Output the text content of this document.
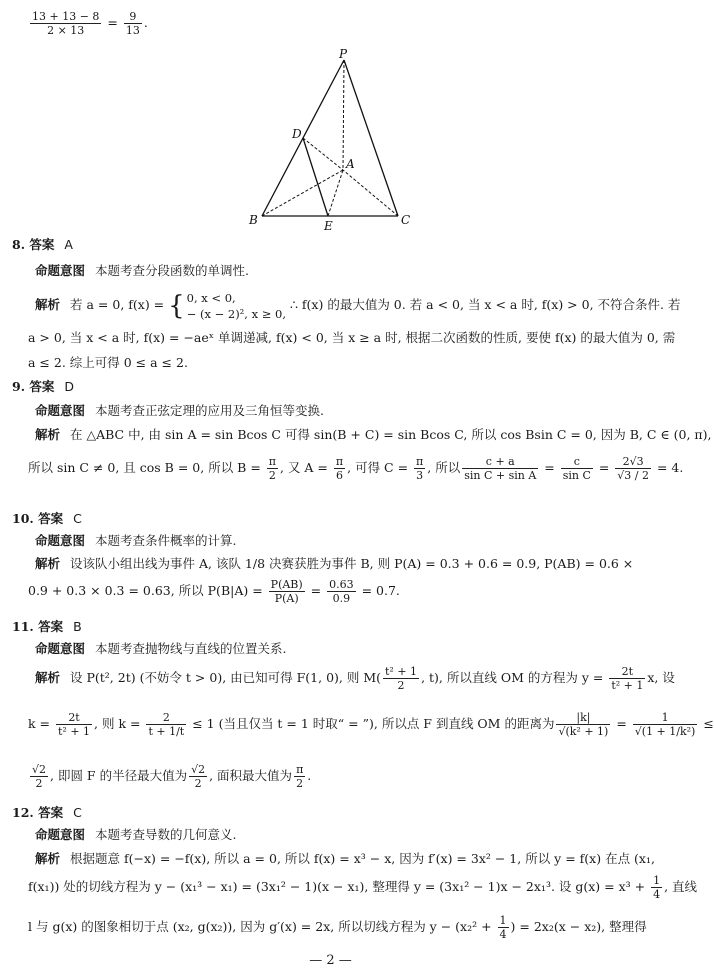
$\frac{13 + 13 - 8}{2 \times 13} = \frac{9}{13}$ .
P
D
A
B	E	C
8. 答案 A
命题意图 本题考查分段函数的单调性.
解析 若 a = 0, f(x) = { 0, x < 0,
− (x − 2)², x ≥ 0,
∴ f(x) 的最大值为 0. 若 a < 0, 当 x < a 时, f(x) > 0, 不符合条件. 若
a > 0, 当 x < a 时, f(x) = −aeˣ 单调递减, f(x) < 0, 当 x ≥ a 时, 根据二次函数的性质, 要使 f(x) 的最大值为 0, 需
a ≤ 2. 综上可得 0 ≤ a ≤ 2.
9. 答案 D
命题意图 本题考查正弦定理的应用及三角恒等变换.
解析 在 △ABC 中, 由 sin A = sin Bcos C 可得 sin(B + C) = sin Bcos C, 所以 cos Bsin C = 0, 因为 B, C ∈ (0, π),
所以 sin C ≠ 0, 且 cos B = 0, 所以 $B = \frac{\pi}{2}$ , 又 $A = \frac{\pi}{6}$ , 可得 $C = \frac{\pi}{3}$ , 所以 $\frac{c + a}{\text{sin C + sin A}} = \frac{c}{\text{sin C}} = \frac{2√3}{√3 / 2} = 4$.
10. 答案 C
命题意图 本题考查条件概率的计算.
解析 设该队小组出线为事件 A, 该队 1/8 决赛获胜为事件 B, 则 P(A) = 0.3 + 0.6 = 0.9, P(AB) = 0.6 ×
0.9 + 0.3 × 0.3 = 0.63, 所以 $P(B|A) = \frac{P(AB)}{P(A)} = \frac{0.63}{0.9} = 0.7$.
11. 答案 B
命题意图 本题考查抛物线与直线的位置关系.
解析 设 P(t², 2t) (不妨令 t > 0), 由已知可得 F(1, 0), 则 $M( \frac{\text{t² + 1}}{2}$ , t), 所以直线 OM 的方程为 $y = \frac{2t}{\text{t² + 1}} x$, 设
$k = \frac{2t}{\text{t² + 1}}$ , 则 $k = \frac{2}{t + 1/t} \le 1$ (当且仅当 t = 1 时取“ = ”), 所以点 F 到直线 OM 的距离为 $\frac{|k|}{\text{√(k² + 1)}} = \frac{1}{\text{√(1 + 1/k²)}}$ ≤
$\frac{√2}{2}$ , 即圆 F 的半径最大值为 $\frac{√2}{2}$ , 面积最大值为 $\frac{\pi}{2}$ .
12. 答案 C
命题意图 本题考查导数的几何意义.
解析 根据题意 f(−x) = −f(x), 所以 a = 0, 所以 f(x) = x³ − x, 因为 f′(x) = 3x² − 1, 所以 y = f(x) 在点 (x₁,
f(x₁)) 处的切线方程为 y − (x₁³ − x₁) = (3x₁² − 1)(x − x₁), 整理得 y = (3x₁² − 1)x − 2x₁³. 设 $g(x) = x^3 + \frac{1}{4}$ , 直线
l 与 g(x) 的图象相切于点 (x₂, g(x₂)), 因为 g′(x) = 2x, 所以切线方程为 $y - (x_2^2 + \frac{1}{4}$ ) = 2x₂(x − x₂), 整理得
— 2 —
